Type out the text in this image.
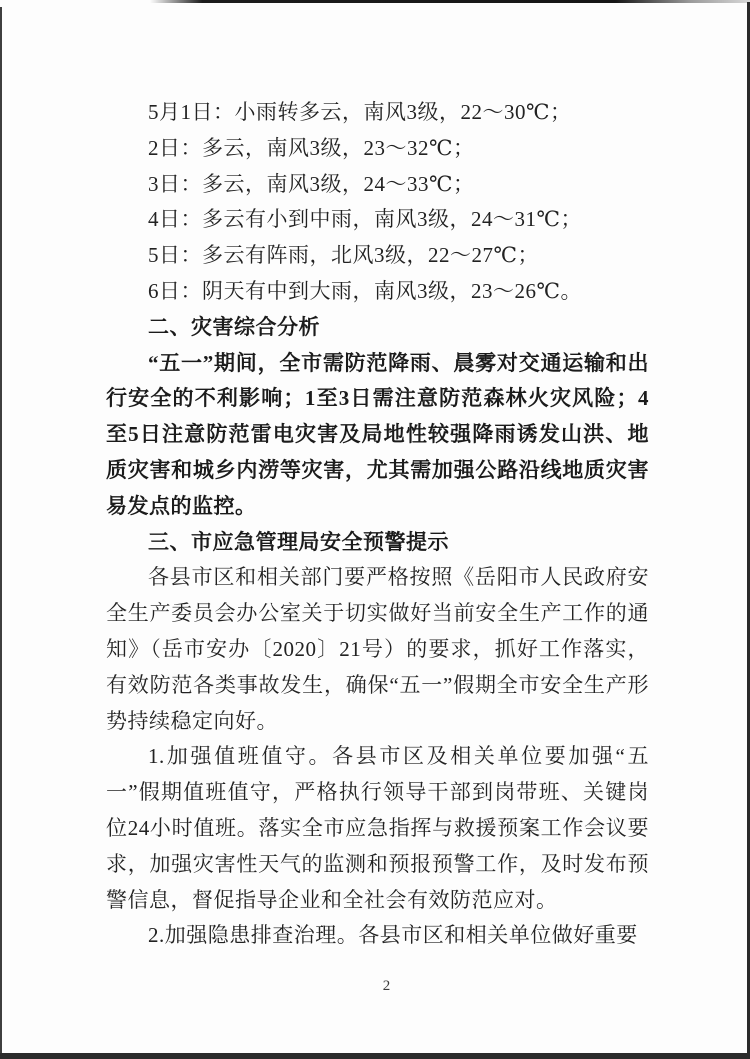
5月1日：小雨转多云，南风3级，22～30℃；

2日：多云，南风3级，23～32℃；

3日：多云，南风3级，24～33℃；

4日：多云有小到中雨，南风3级，24～31℃；

5日：多云有阵雨，北风3级，22～27℃；

6日：阴天有中到大雨，南风3级，23～26℃。

二、灾害综合分析

“五一”期间，全市需防范降雨、晨雾对交通运输和出行安全的不利影响；1至3日需注意防范森林火灾风险；4至5日注意防范雷电灾害及局地性较强降雨诱发山洪、地质灾害和城乡内涝等灾害，尤其需加强公路沿线地质灾害易发点的监控。

三、市应急管理局安全预警提示

各县市区和相关部门要严格按照《岳阳市人民政府安全生产委员会办公室关于切实做好当前安全生产工作的通知》（岳市安办〔2020〕21号）的要求，抓好工作落实，有效防范各类事故发生，确保“五一”假期全市安全生产形势持续稳定向好。

1.加强值班值守。各县市区及相关单位要加强“五一”假期值班值守，严格执行领导干部到岗带班、关键岗位24小时值班。落实全市应急指挥与救援预案工作会议要求，加强灾害性天气的监测和预报预警工作，及时发布预警信息，督促指导企业和全社会有效防范应对。

2.加强隐患排查治理。各县市区和相关单位做好重要

2
